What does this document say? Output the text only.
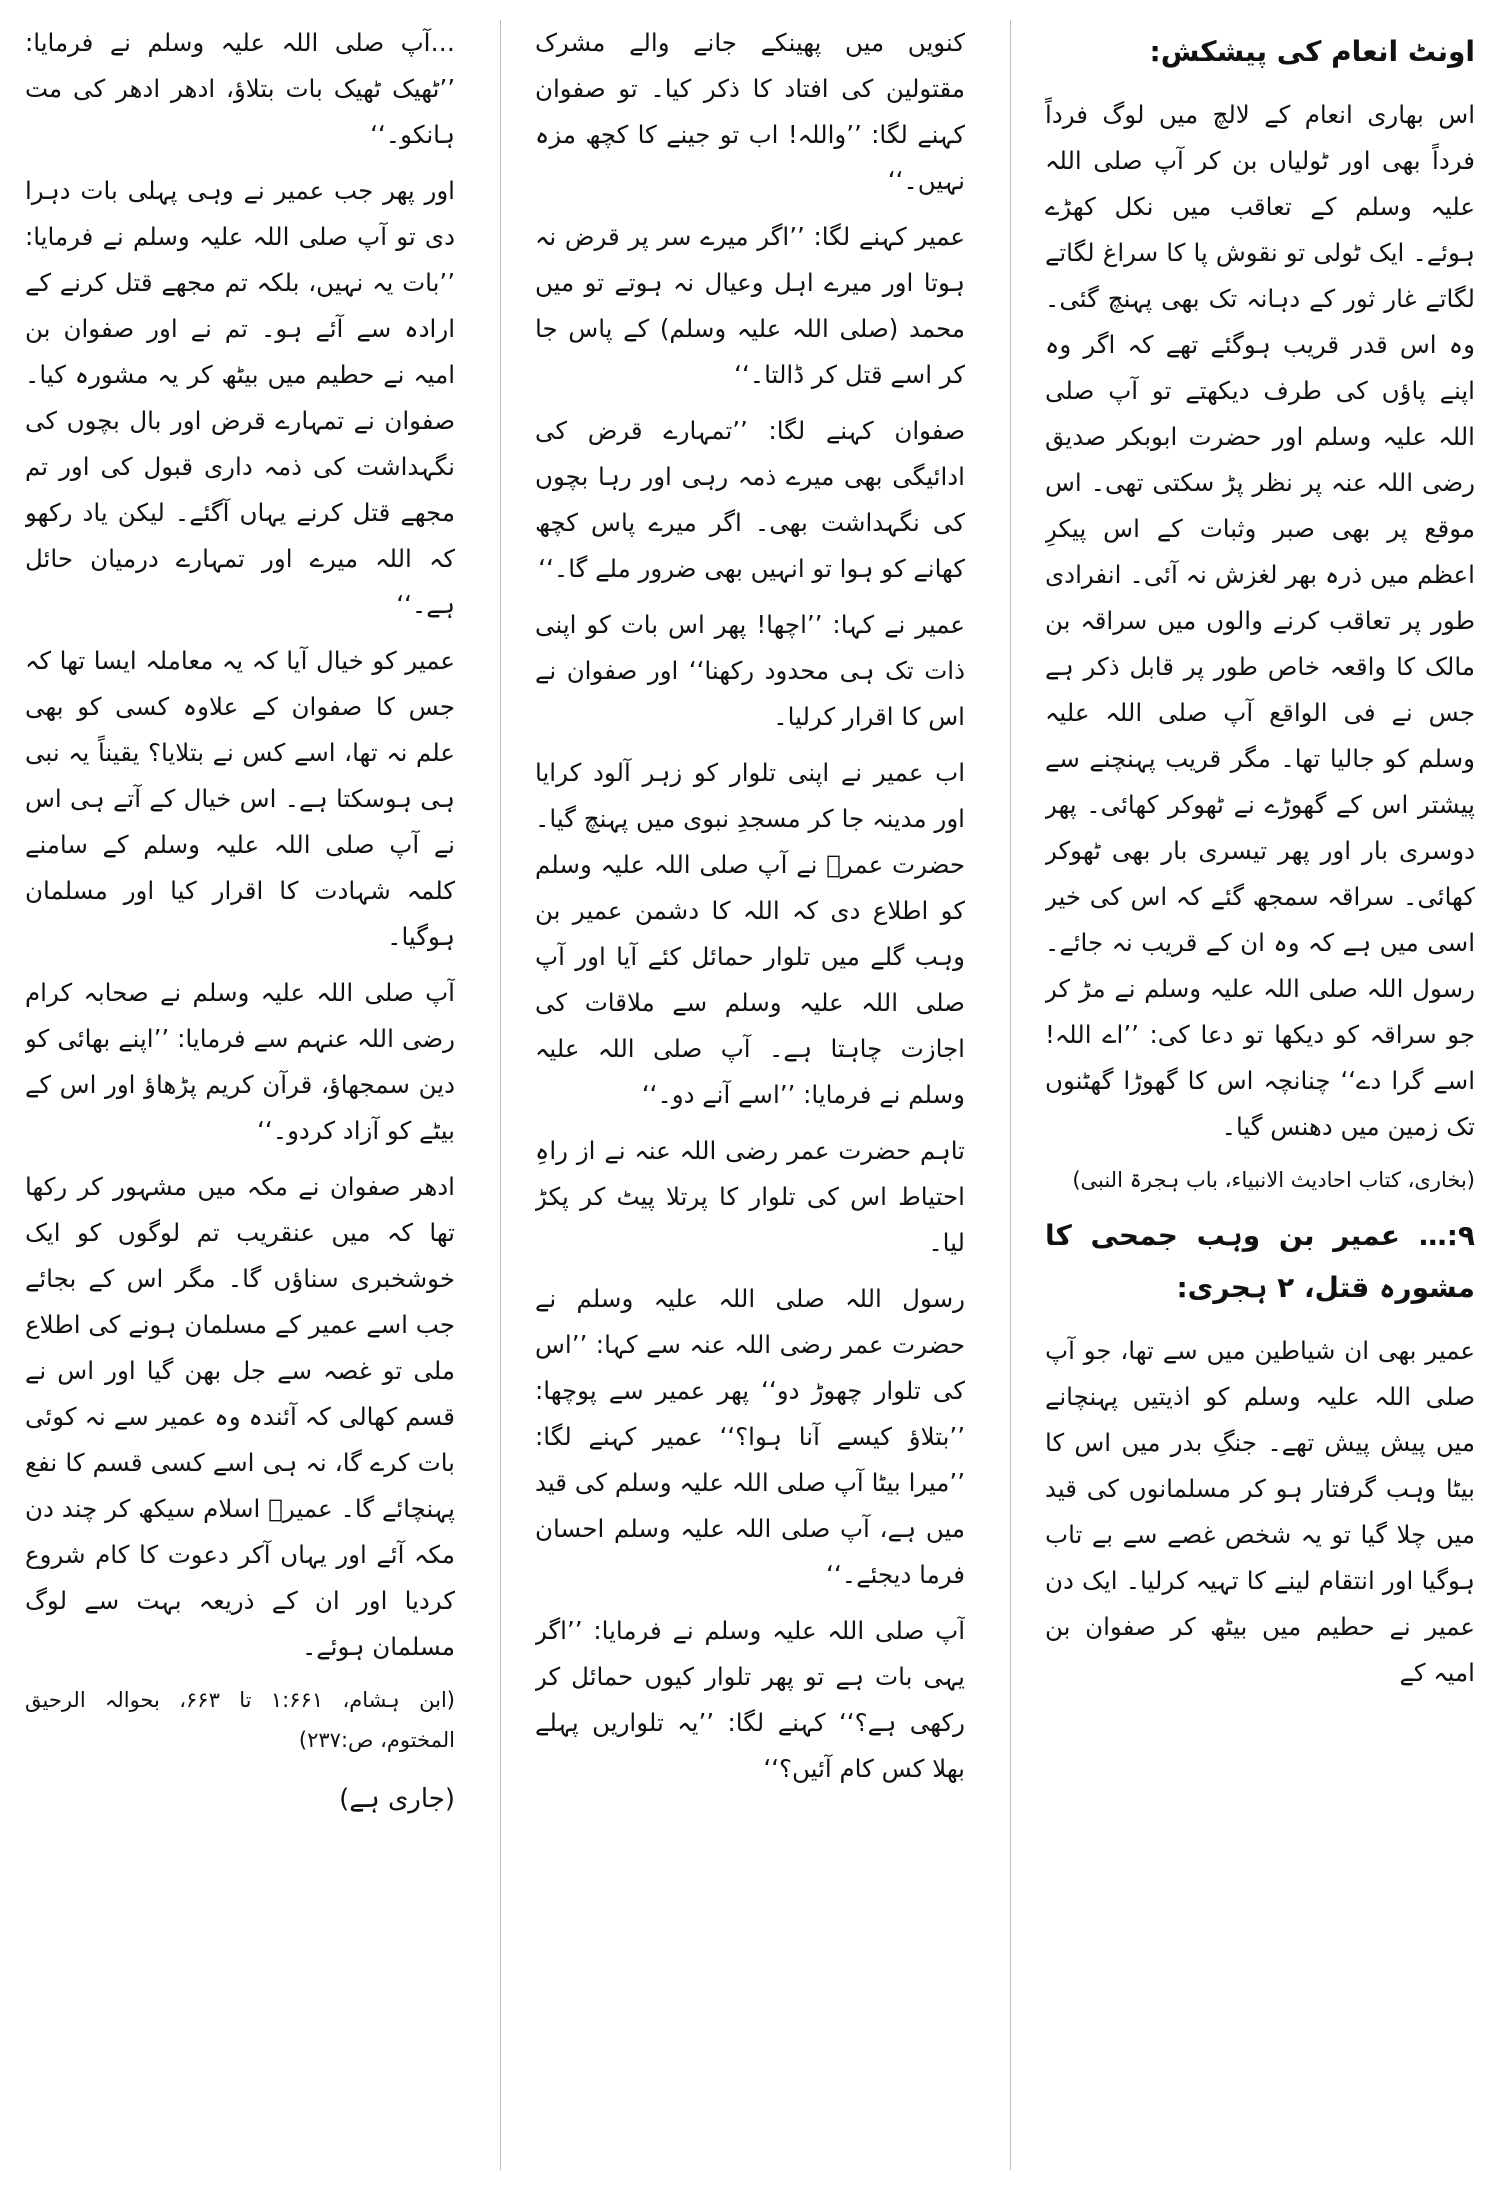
اونٹ انعام کی پیشکش:

اس بھاری انعام کے لالچ میں لوگ فرداً فرداً بھی اور ٹولیاں بن کر آپ صلی اللہ علیہ وسلم کے تعاقب میں نکل کھڑے ہوئے۔ ایک ٹولی تو نقوش پا کا سراغ لگاتے لگاتے غار ثور کے دہانہ تک بھی پہنچ گئی۔ وہ اس قدر قریب ہوگئے تھے کہ اگر وہ اپنے پاؤں کی طرف دیکھتے تو آپ صلی اللہ علیہ وسلم اور حضرت ابوبکر صدیق رضی اللہ عنہ پر نظر پڑ سکتی تھی۔ اس موقع پر بھی صبر وثبات کے اس پیکرِ اعظم میں ذرہ بھر لغزش نہ آئی۔ انفرادی طور پر تعاقب کرنے والوں میں سراقہ بن مالک کا واقعہ خاص طور پر قابل ذکر ہے جس نے فی الواقع آپ صلی اللہ علیہ وسلم کو جالیا تھا۔ مگر قریب پہنچنے سے پیشتر اس کے گھوڑے نے ٹھوکر کھائی۔ پھر دوسری بار اور پھر تیسری بار بھی ٹھوکر کھائی۔ سراقہ سمجھ گئے کہ اس کی خیر اسی میں ہے کہ وہ ان کے قریب نہ جائے۔ رسول اللہ صلی اللہ علیہ وسلم نے مڑ کر جو سراقہ کو دیکھا تو دعا کی: ’’اے اللہ! اسے گرا دے‘‘ چنانچہ اس کا گھوڑا گھٹنوں تک زمین میں دھنس گیا۔

(بخاری، کتاب احادیث الانبیاء، باب ہجرۃ النبی)

۹:… عمیر بن وہب جمحی کا مشورہ قتل، ۲ ہجری:

عمیر بھی ان شیاطین میں سے تھا، جو آپ صلی اللہ علیہ وسلم کو اذیتیں پہنچانے میں پیش پیش تھے۔ جنگِ بدر میں اس کا بیٹا وہب گرفتار ہو کر مسلمانوں کی قید میں چلا گیا تو یہ شخص غصے سے بے تاب ہوگیا اور انتقام لینے کا تہیہ کرلیا۔ ایک دن عمیر نے حطیم میں بیٹھ کر صفوان بن امیہ کے

کنویں میں پھینکے جانے والے مشرک مقتولین کی افتاد کا ذکر کیا۔ تو صفوان کہنے لگا: ’’واللہ! اب تو جینے کا کچھ مزہ نہیں۔‘‘

عمیر کہنے لگا: ’’اگر میرے سر پر قرض نہ ہوتا اور میرے اہل وعیال نہ ہوتے تو میں محمد (صلی اللہ علیہ وسلم) کے پاس جا کر اسے قتل کر ڈالتا۔‘‘

صفوان کہنے لگا: ’’تمہارے قرض کی ادائیگی بھی میرے ذمہ رہی اور رہا بچوں کی نگہداشت بھی۔ اگر میرے پاس کچھ کھانے کو ہوا تو انہیں بھی ضرور ملے گا۔‘‘

عمیر نے کہا: ’’اچھا! پھر اس بات کو اپنی ذات تک ہی محدود رکھنا‘‘ اور صفوان نے اس کا اقرار کرلیا۔

اب عمیر نے اپنی تلوار کو زہر آلود کرایا اور مدینہ جا کر مسجدِ نبوی میں پہنچ گیا۔ حضرت عمرؓ نے آپ صلی اللہ علیہ وسلم کو اطلاع دی کہ اللہ کا دشمن عمیر بن وہب گلے میں تلوار حمائل کئے آیا اور آپ صلی اللہ علیہ وسلم سے ملاقات کی اجازت چاہتا ہے۔ آپ صلی اللہ علیہ وسلم نے فرمایا: ’’اسے آنے دو۔‘‘

تاہم حضرت عمر رضی اللہ عنہ نے از راہِ احتیاط اس کی تلوار کا پرتلا پیٹ کر پکڑ لیا۔

رسول اللہ صلی اللہ علیہ وسلم نے حضرت عمر رضی اللہ عنہ سے کہا: ’’اس کی تلوار چھوڑ دو‘‘ پھر عمیر سے پوچھا: ’’بتلاؤ کیسے آنا ہوا؟‘‘ عمیر کہنے لگا: ’’میرا بیٹا آپ صلی اللہ علیہ وسلم کی قید میں ہے، آپ صلی اللہ علیہ وسلم احسان فرما دیجئے۔‘‘

آپ صلی اللہ علیہ وسلم نے فرمایا: ’’اگر یہی بات ہے تو پھر تلوار کیوں حمائل کر رکھی ہے؟‘‘ کہنے لگا: ’’یہ تلواریں پہلے بھلا کس کام آئیں؟‘‘

…آپ صلی اللہ علیہ وسلم نے فرمایا: ’’ٹھیک ٹھیک بات بتلاؤ، ادھر ادھر کی مت ہانکو۔‘‘

اور پھر جب عمیر نے وہی پہلی بات دہرا دی تو آپ صلی اللہ علیہ وسلم نے فرمایا: ’’بات یہ نہیں، بلکہ تم مجھے قتل کرنے کے ارادہ سے آئے ہو۔ تم نے اور صفوان بن امیہ نے حطیم میں بیٹھ کر یہ مشورہ کیا۔ صفوان نے تمہارے قرض اور بال بچوں کی نگہداشت کی ذمہ داری قبول کی اور تم مجھے قتل کرنے یہاں آگئے۔ لیکن یاد رکھو کہ اللہ میرے اور تمہارے درمیان حائل ہے۔‘‘

عمیر کو خیال آیا کہ یہ معاملہ ایسا تھا کہ جس کا صفوان کے علاوہ کسی کو بھی علم نہ تھا، اسے کس نے بتلایا؟ یقیناً یہ نبی ہی ہوسکتا ہے۔ اس خیال کے آتے ہی اس نے آپ صلی اللہ علیہ وسلم کے سامنے کلمہ شہادت کا اقرار کیا اور مسلمان ہوگیا۔

آپ صلی اللہ علیہ وسلم نے صحابہ کرام رضی اللہ عنہم سے فرمایا: ’’اپنے بھائی کو دین سمجھاؤ، قرآن کریم پڑھاؤ اور اس کے بیٹے کو آزاد کردو۔‘‘

ادھر صفوان نے مکہ میں مشہور کر رکھا تھا کہ میں عنقریب تم لوگوں کو ایک خوشخبری سناؤں گا۔ مگر اس کے بجائے جب اسے عمیر کے مسلمان ہونے کی اطلاع ملی تو غصہ سے جل بھن گیا اور اس نے قسم کھالی کہ آئندہ وہ عمیر سے نہ کوئی بات کرے گا، نہ ہی اسے کسی قسم کا نفع پہنچائے گا۔ عمیرؓ اسلام سیکھ کر چند دن مکہ آئے اور یہاں آکر دعوت کا کام شروع کردیا اور ان کے ذریعہ بہت سے لوگ مسلمان ہوئے۔

(ابن ہشام، ۱:۶۶۱ تا ۶۶۳، بحوالہ الرحیق المختوم، ص:۲۳۷)

(جاری ہے)
